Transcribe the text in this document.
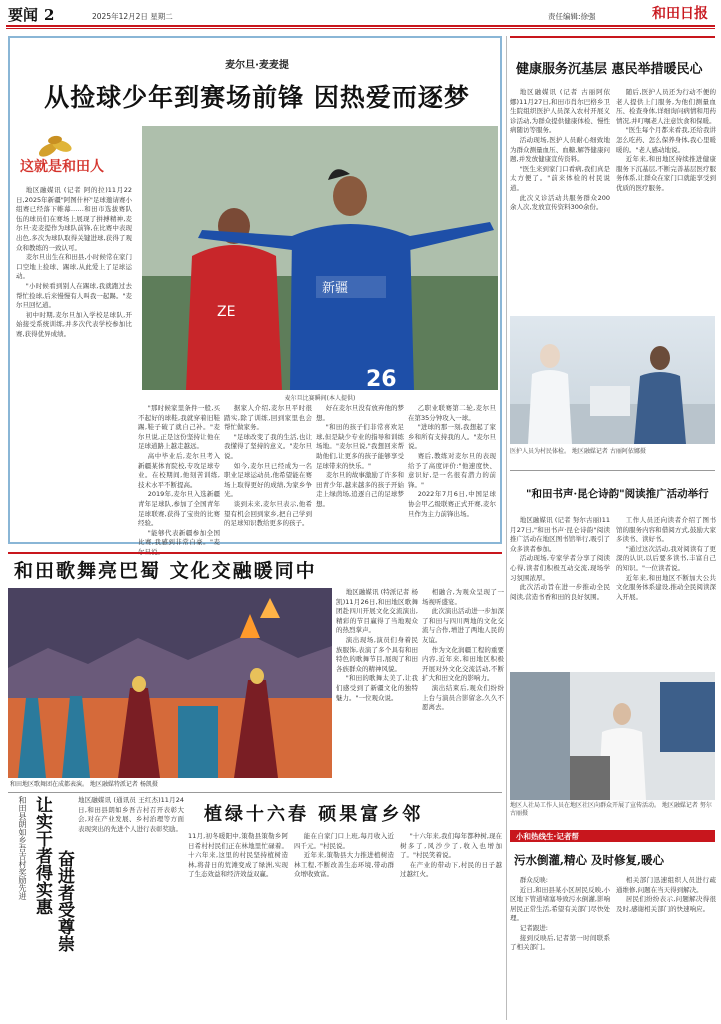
要闻 2	2025年12月2日 星期二	责任编辑:徐强	和田日报
麦尔旦·麦麦提
从捡球少年到赛场前锋 因热爱而逐梦
这就是和田人
地区融媒讯 (记者 阿的拉)11月22日,2025年新疆"阿图什杯"足球邀请赛小组赛已经落下帷幕……和田市选拔赛队伍的球员们在赛场上展现了拼搏精神,麦尔旦·麦麦提作为球队前锋,在比赛中表现出色,多次为球队取得关键进球,获得了观众和教练的一致认可。
麦尔旦出生在和田县,小时候常在家门口空地上捡球、踢球,从此爱上了足球运动。
"小时候看到别人在踢球,我就跑过去帮忙捡球,后来慢慢有人叫我一起踢。"麦尔旦回忆道。
初中时期,麦尔旦加入学校足球队,开始接受系统训练,并多次代表学校参加比赛,获得优异成绩。
ZE
新疆
26
麦尔旦比赛瞬间(本人提供)
"那时候家里条件一般,买不起好的球鞋,我就穿着旧鞋踢,鞋子破了就自己补。"麦尔旦说,正是这份坚持让他在足球道路上越走越远。
高中毕业后,麦尔旦考入新疆某体育院校,专攻足球专业。在校期间,他刻苦训练,技术水平不断提高。
2019年,麦尔旦入选新疆青年足球队,参加了全国青年足球联赛,获得了宝贵的比赛经验。
"能够代表新疆参加全国比赛,我感到非常自豪。"麦
据家人介绍,麦尔旦平时很踏实,除了训练,回到家里也会帮忙做家务。
"足球改变了我的生活,也让我懂得了坚持的意义。"麦尔旦说。
如今,麦尔旦已经成为一名职业足球运动员,他希望能在赛场上取得更好的成绩,为家乡争光。
谈到未来,麦尔旦表示,他希望有机会回到家乡,把自己学到的足球知识教给更多的孩子。
好在麦尔旦没有放弃他的梦想。
"和田的孩子们非常喜欢足球,但是缺少专业的指导和训练场地。"麦尔旦说,"我想回来帮助他们,让更多的孩子能够享受足球带来的快乐。"
麦尔旦的故事激励了许多和田青少年,越来越多的孩子开始走上绿茵场,追逐自己的足球梦想。
乙职业联赛第二轮,麦尔旦在第35分钟攻入一球。
"进球的那一刻,我想起了家乡和所有支持我的人。"麦尔旦说。
赛后,教练对麦尔旦的表现给予了高度评价:"他速度快、意识好,是一名很有潜力的前锋。"
2022年7月6日,中国足球协会甲乙级联赛正式开赛,麦尔旦作为主力前锋出场。
健康服务沉基层 惠民举措暖民心
地区融媒讯 (记者 古丽阿依娜)11月27日,和田市肖尔巴格乡卫生院组织医护人员深入农村开展义诊活动,为群众提供健康体检、慢性病随访等服务。
活动现场,医护人员耐心细致地为群众测量血压、血糖,解答健康问题,并发放健康宣传资料。
"医生来到家门口看病,我们真是太方便了。"前来体检的村民说道。
此次义诊活动共服务群众200余人次,发放宣传资料300余份。
随后,医护人员还为行动不便的老人提供上门服务,为他们测量血压、检查身体,详细询问病情和用药情况,并叮嘱老人注意饮食和保暖。
"医生每个月都来看我,还给我讲怎么吃药、怎么保养身体,我心里暖暖的。"老人感动地说。
近年来,和田地区持续推进健康服务下沉基层,不断完善基层医疗服务体系,让群众在家门口就能享受到优质的医疗服务。
医护人员为村民体检。 地区融媒记者 古丽阿依娜摄
"和田书声·昆仑诗韵"阅读推广活动举行
地区融媒讯 (记者 努尔古丽)11月27日,"和田书声·昆仑诗韵"阅读推广活动在地区图书馆举行,吸引了众多读者参加。
活动现场,专家学者分享了阅读心得,读者们积极互动交流,现场学习氛围浓厚。
此次活动旨在进一步推动全民阅读,营造书香和田的良好氛围。
工作人员还向读者介绍了图书馆的服务内容和借阅方式,鼓励大家多读书、读好书。
"通过这次活动,我对阅读有了更深的认识,以后要多读书,丰富自己的知识。"一位读者说。
近年来,和田地区不断加大公共文化服务体系建设,推动全民阅读深入开展。
地区人社局工作人员在地区社区向群众开展了宣传活动。 地区融媒记者 努尔古丽摄
和田歌舞亮巴蜀 文化交融暖同中
和田地区歌舞团在成都表演。 地区融媒特派记者 杨凯摄
地区融媒讯 (特派记者 杨凯)11月26日,和田地区歌舞团赴四川开展文化交流演出,精彩的节目赢得了当地观众的热烈掌声。
演出现场,演员们身着民族服饰,表演了多个具有和田特色的歌舞节目,展现了和田各族群众的精神风貌。
"和田的歌舞太美了,让我们感受到了新疆文化的独特魅力。"一位观众说。
相融合,为观众呈现了一场视听盛宴。
此次演出活动进一步加深了和田与四川两地的文化交流与合作,增进了两地人民的友谊。
作为文化润疆工程的重要内容,近年来,和田地区积极开展对外文化交流活动,不断扩大和田文化的影响力。
演出结束后,观众们纷纷上台与演员合影留念,久久不愿离去。
和田县朗如乡吾吉村奖励先进 让实干者得实惠 奋进者受尊崇
地区融媒讯 (通讯员 王红杰)11月24日,和田县朗如乡吾吉村召开表彰大会,对在产业发展、乡村治理等方面表现突出的先进个人进行表彰奖励。
植绿十六春 硕果富乡邻
11月,初冬暖阳中,策勒县策勒乡阿日希村村民们正在林地里忙碌着。十六年来,这里的村民坚持植树造林,将昔日的荒滩变成了绿洲,实现了生态效益和经济效益双赢。
能在自家门口上班,每月收入近四千元。"村民说。
近年来,策勒县大力推进植树造林工程,不断改善生态环境,带动群众增收致富。
"十六年来,我们每年都种树,现在树多了,风沙少了,收入也增加了。"村民笑着说。
在产业的带动下,村民的日子越过越红火。
小和热线生·记者帮
污水倒灌,精心 及时修复,暖心
群众反映:
近日,和田县某小区居民反映,小区地下管道堵塞导致污水倒灌,影响居民正常生活,希望有关部门尽快处理。
记者跟进:
接到反映后,记者第一时间联系了相关部门。
相关部门迅速组织人员进行疏通维修,问题在当天得到解决。
居民们纷纷表示,问题解决得很及时,感谢相关部门的快速响应。
